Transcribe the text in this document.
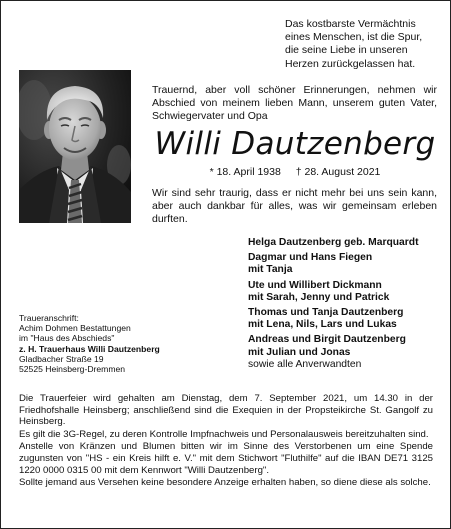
Das kostbarste Vermächtnis
eines Menschen, ist die Spur,
die seine Liebe in unseren
Herzen zurückgelassen hat.
Trauernd, aber voll schöner Erinnerungen, nehmen wir Abschied von meinem lieben Mann, unserem guten Vater, Schwiegervater und Opa
Willi Dautzenberg
* 18. April 1938 † 28. August 2021
Wir sind sehr traurig, dass er nicht mehr bei uns sein kann, aber auch dankbar für alles, was wir gemeinsam erleben durften.
Helga Dautzenberg geb. Marquardt
Dagmar und Hans Fiegen
mit Tanja
Ute und Willibert Dickmann
mit Sarah, Jenny und Patrick
Thomas und Tanja Dautzenberg
mit Lena, Nils, Lars und Lukas
Andreas und Birgit Dautzenberg
mit Julian und Jonas
sowie alle Anverwandten
Traueranschrift:
Achim Dohmen Bestattungen
im "Haus des Abschieds"
z. H. Trauerhaus Willi Dautzenberg
Gladbacher Straße 19
52525 Heinsberg-Dremmen

Die Trauerfeier wird gehalten am Dienstag, dem 7. September 2021, um 14.30 in der Friedhofshalle Heinsberg; anschließend sind die Exequien in der Propsteikirche St. Gangolf zu Heinsberg.

Es gilt die 3G-Regel, zu deren Kontrolle Impfnachweis und Personalausweis bereitzuhalten sind.

Anstelle von Kränzen und Blumen bitten wir im Sinne des Verstorbenen um eine Spende zugunsten von "HS - ein Kreis hilft e. V." mit dem Stichwort "Fluthilfe" auf die IBAN DE71 3125 1220 0000 0315 00 mit dem Kennwort "Willi Dautzenberg".

Sollte jemand aus Versehen keine besondere Anzeige erhalten haben, so diene diese als solche.
